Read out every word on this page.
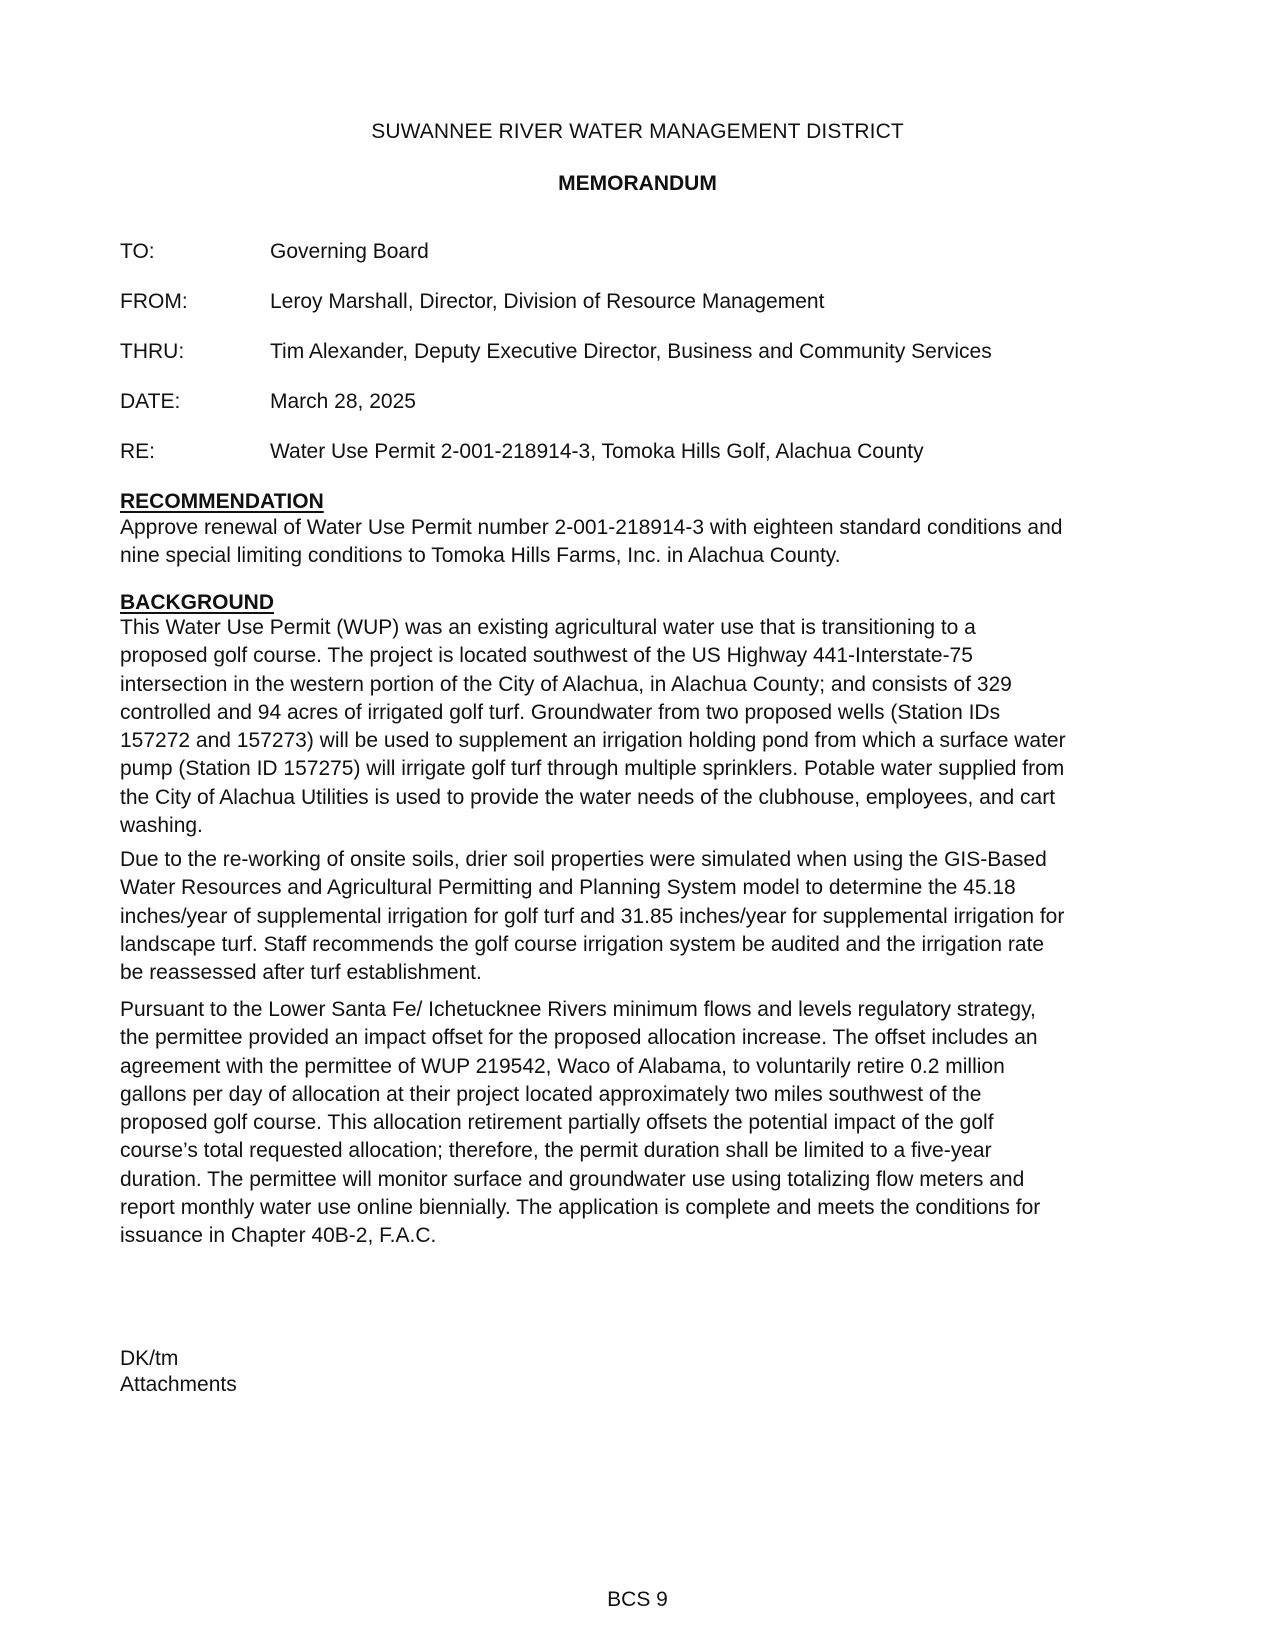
SUWANNEE RIVER WATER MANAGEMENT DISTRICT
MEMORANDUM
TO:	Governing Board
FROM:	Leroy Marshall, Director, Division of Resource Management
THRU:	Tim Alexander, Deputy Executive Director, Business and Community Services
DATE:	March 28, 2025
RE:	Water Use Permit 2-001-218914-3, Tomoka Hills Golf, Alachua County
RECOMMENDATION
Approve renewal of Water Use Permit number 2-001-218914-3 with eighteen standard conditions and
nine special limiting conditions to Tomoka Hills Farms, Inc. in Alachua County.
BACKGROUND
This Water Use Permit (WUP) was an existing agricultural water use that is transitioning to a
proposed golf course. The project is located southwest of the US Highway 441-Interstate-75
intersection in the western portion of the City of Alachua, in Alachua County; and consists of 329
controlled and 94 acres of irrigated golf turf. Groundwater from two proposed wells (Station IDs
157272 and 157273) will be used to supplement an irrigation holding pond from which a surface water
pump (Station ID 157275) will irrigate golf turf through multiple sprinklers. Potable water supplied from
the City of Alachua Utilities is used to provide the water needs of the clubhouse, employees, and cart
washing.
Due to the re-working of onsite soils, drier soil properties were simulated when using the GIS-Based
Water Resources and Agricultural Permitting and Planning System model to determine the 45.18
inches/year of supplemental irrigation for golf turf and 31.85 inches/year for supplemental irrigation for
landscape turf. Staff recommends the golf course irrigation system be audited and the irrigation rate
be reassessed after turf establishment.
Pursuant to the Lower Santa Fe/ Ichetucknee Rivers minimum flows and levels regulatory strategy,
the permittee provided an impact offset for the proposed allocation increase. The offset includes an
agreement with the permittee of WUP 219542, Waco of Alabama, to voluntarily retire 0.2 million
gallons per day of allocation at their project located approximately two miles southwest of the
proposed golf course. This allocation retirement partially offsets the potential impact of the golf
course’s total requested allocation; therefore, the permit duration shall be limited to a five-year
duration. The permittee will monitor surface and groundwater use using totalizing flow meters and
report monthly water use online biennially. The application is complete and meets the conditions for
issuance in Chapter 40B-2, F.A.C.
DK/tm
Attachments
BCS 9
